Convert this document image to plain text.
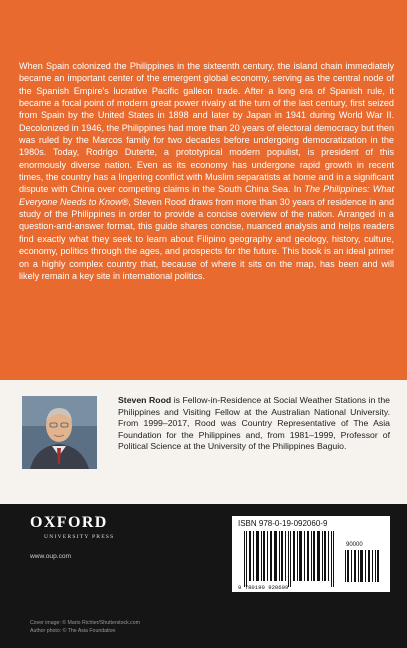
When Spain colonized the Philippines in the sixteenth century, the island chain immediately became an important center of the emergent global economy, serving as the central node of the Spanish Empire's lucrative Pacific galleon trade. After a long era of Spanish rule, it became a focal point of modern great power rivalry at the turn of the last century, first seized from Spain by the United States in 1898 and later by Japan in 1941 during World War II. Decolonized in 1946, the Philippines had more than 20 years of electoral democracy but then was ruled by the Marcos family for two decades before undergoing democratization in the 1980s. Today, Rodrigo Duterte, a prototypical modern populist, is president of this enormously diverse nation. Even as its economy has undergone rapid growth in recent times, the country has a lingering conflict with Muslim separatists at home and in a significant dispute with China over competing claims in the South China Sea. In The Philippines: What Everyone Needs to Know®, Steven Rood draws from more than 30 years of residence in and study of the Philippines in order to provide a concise overview of the nation. Arranged in a question-and-answer format, this guide shares concise, nuanced analysis and helps readers find exactly what they seek to learn about Filipino geography and geology, history, culture, economy, politics through the ages, and prospects for the future. This book is an ideal primer on a highly complex country that, because of where it sits on the map, has been and will likely remain a key site in international politics.

Steven Rood is Fellow-in-Residence at Social Weather Stations in the Philippines and Visiting Fellow at the Australian National University. From 1999–2017, Rood was Country Representative of The Asia Foundation for the Philippines and, from 1981–1999, Professor of Political Science at the University of the Philippines Baguio.

OXFORD
UNIVERSITY PRESS
www.oup.com
Cover image: © Mario Richter/Shutterstock.com
Author photo: © The Asia Foundation
ISBN 978-0-19-092060-9
9 780190 920609
90000
